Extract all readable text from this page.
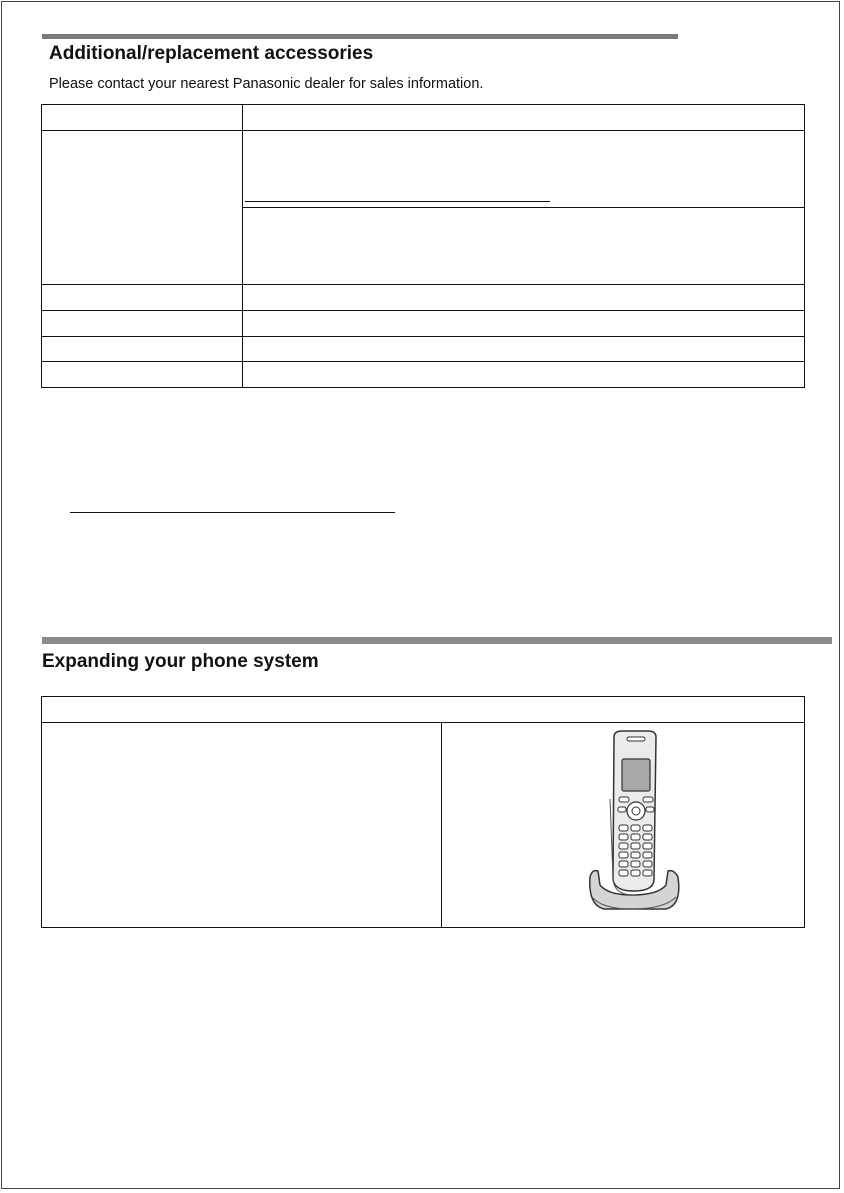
Additional/replacement accessories

Please contact your nearest Panasonic dealer for sales information.

Expanding your phone system
